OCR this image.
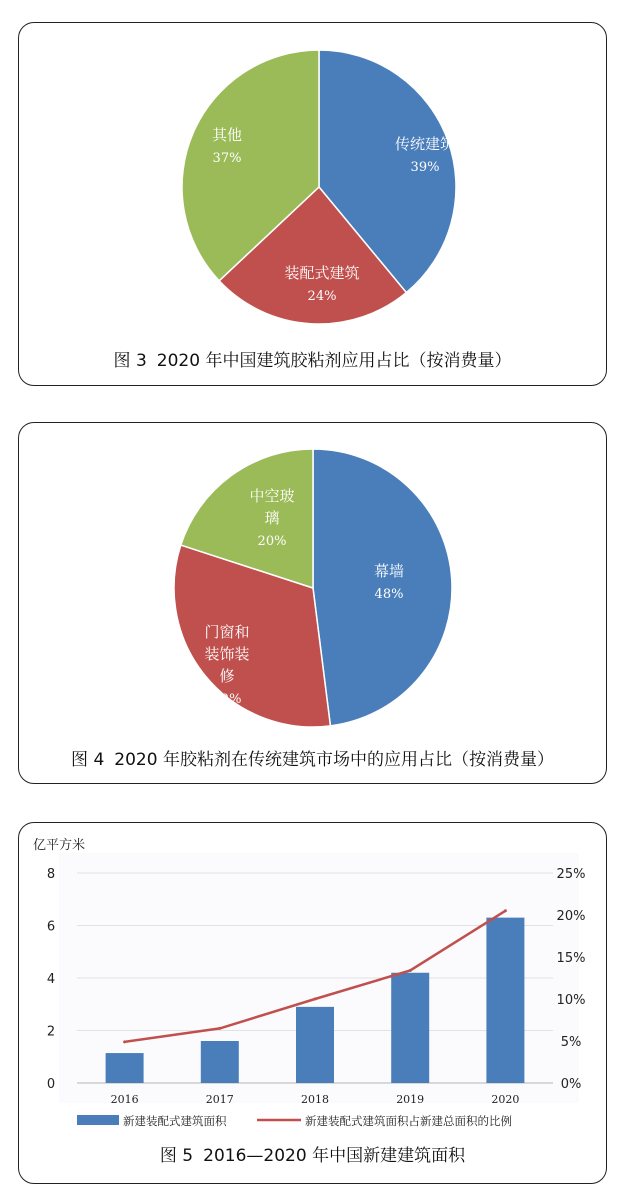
传统建筑
39%
装配式建筑
24%
其他
37%
图 3 2020 年中国建筑胶粘剂应用占比（按消费量）
幕墙
48%
门窗和
装饰装
修
32%
中空玻
璃
20%
图 4 2020 年胶粘剂在传统建筑市场中的应用占比（按消费量）
亿平方米
0
2
4
6
8
0%
5%
10%
15%
20%
25%
2016	2017	2018	2019	2020
新建装配式建筑面积	新建装配式建筑面积占新建总面积的比例
图 5 2016—2020 年中国新建建筑面积
